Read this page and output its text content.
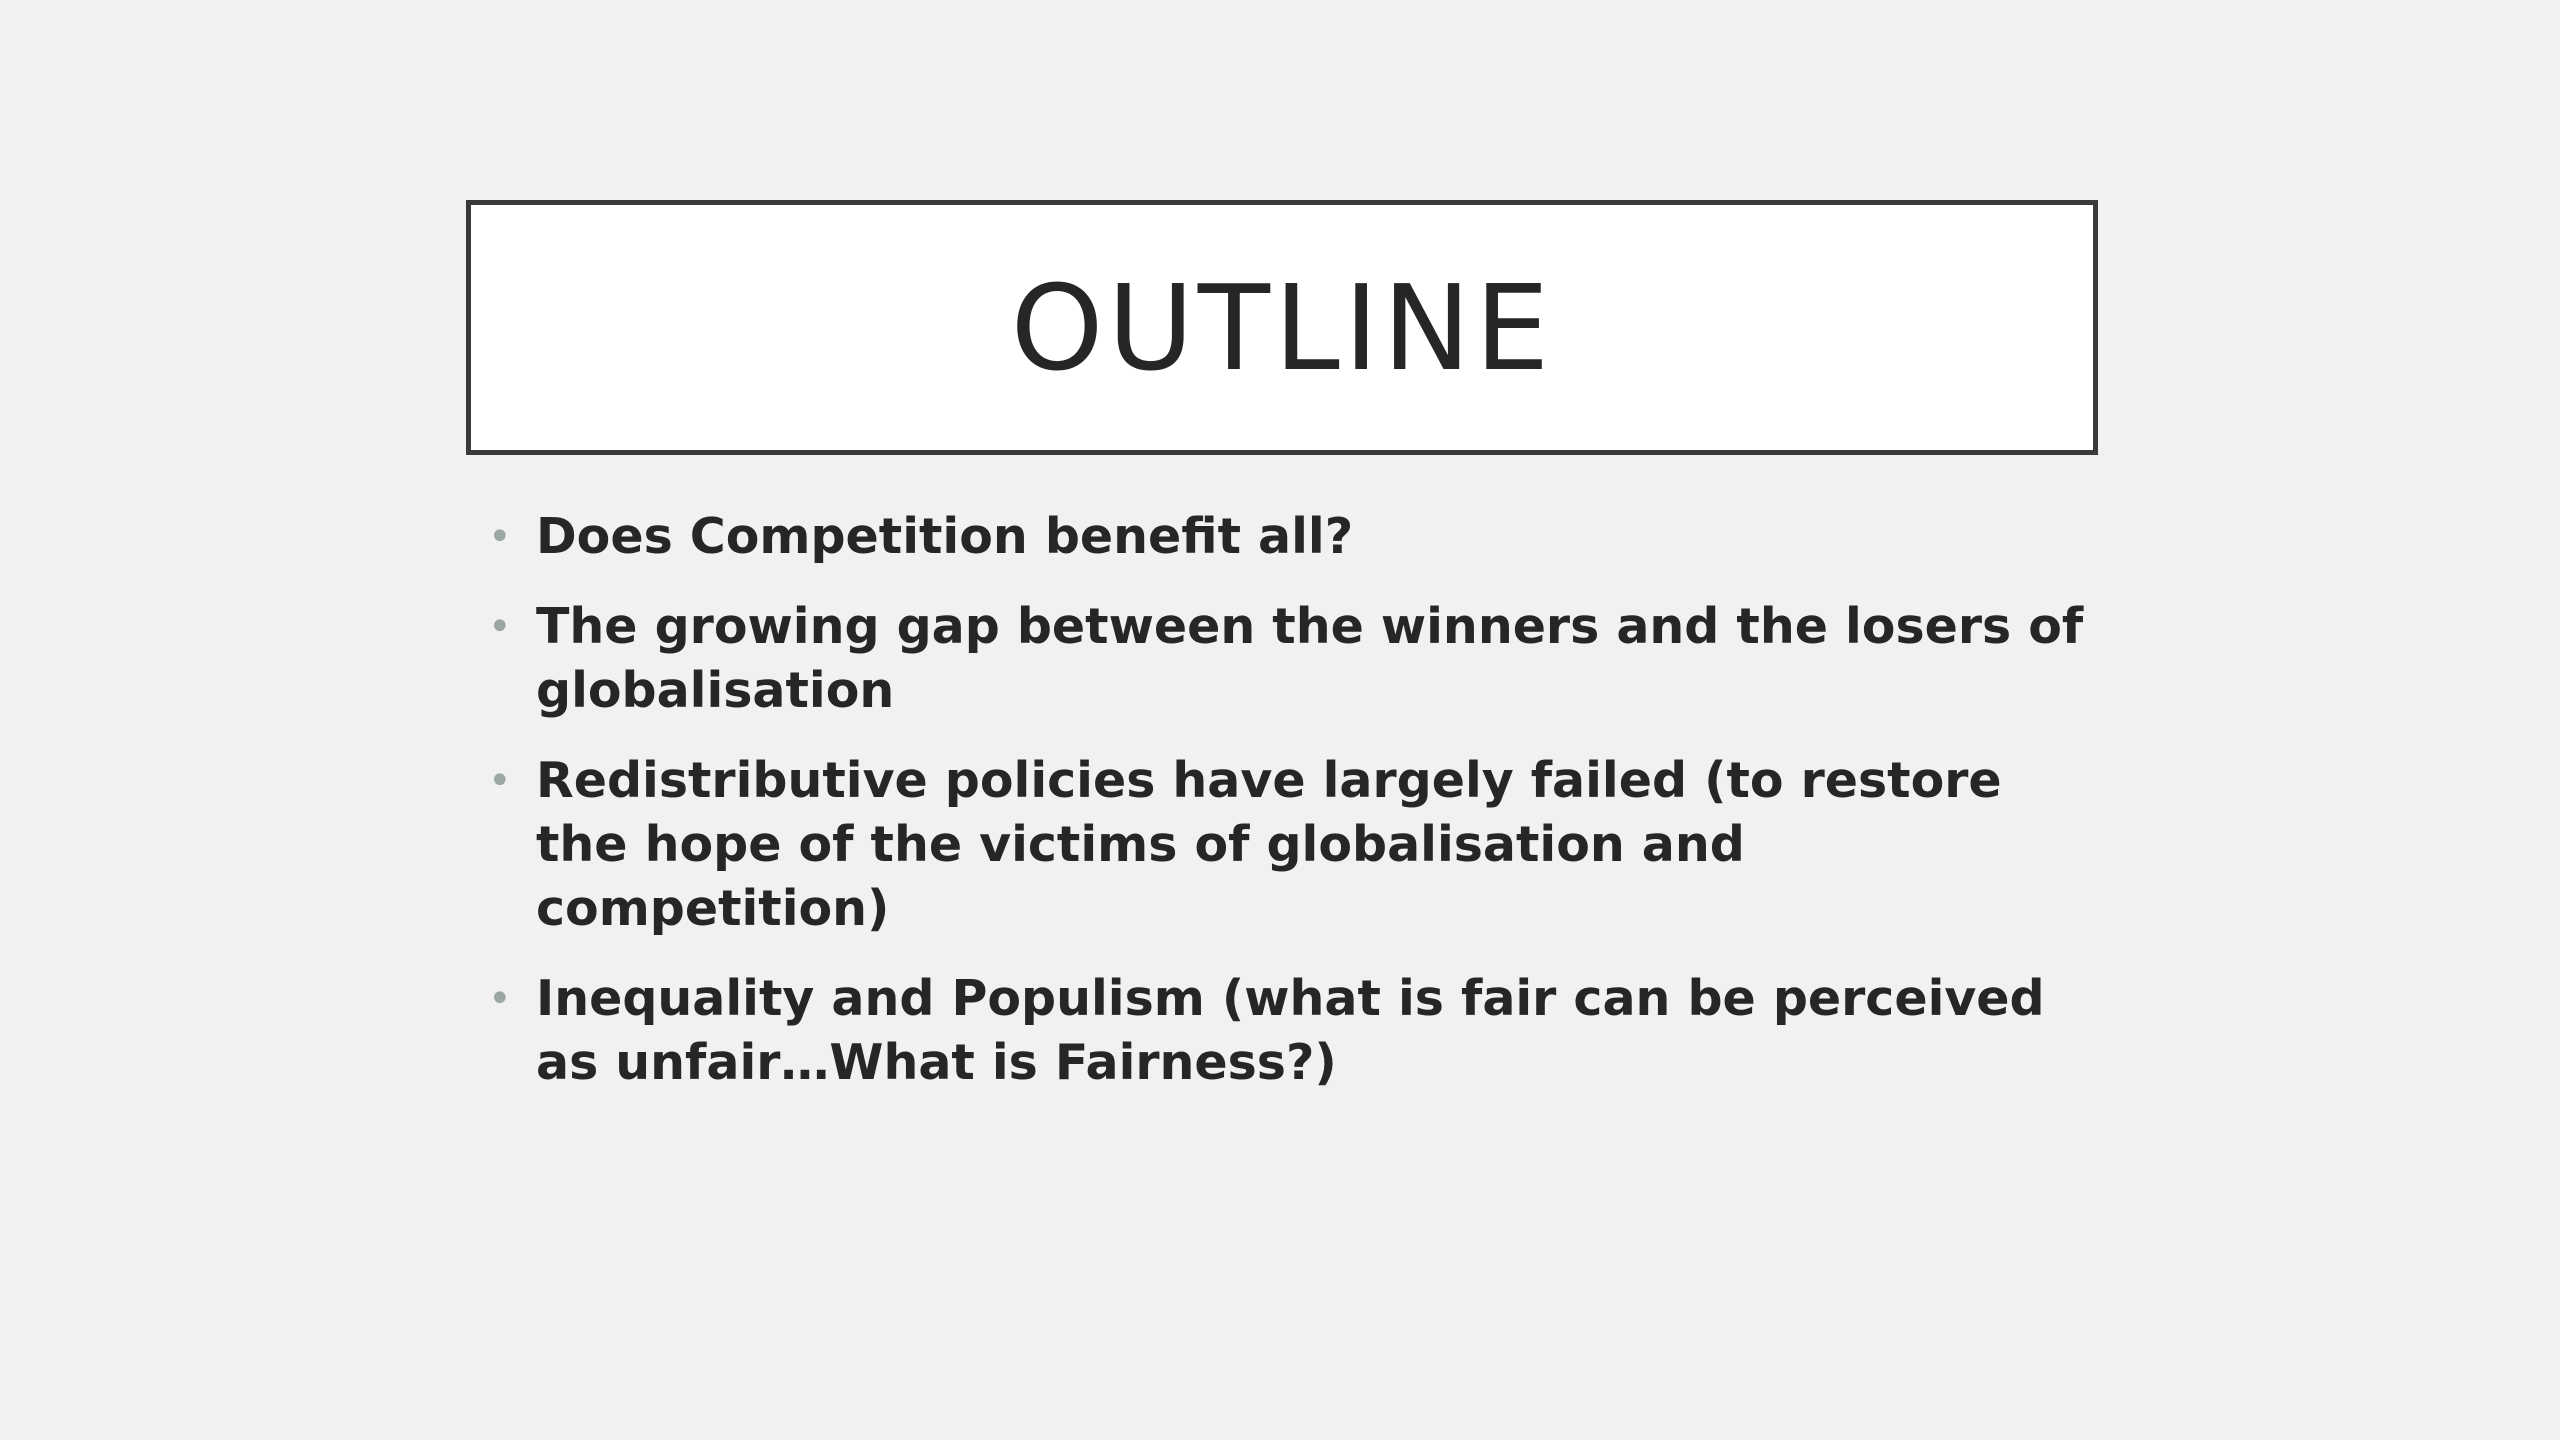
OUTLINE
• Does Competition benefit all?
• The growing gap between the winners and the losers of globalisation
• Redistributive policies have largely failed (to restore the hope of the victims of globalisation and competition)
• Inequality and Populism (what is fair can be perceived as unfair…What is Fairness?)
